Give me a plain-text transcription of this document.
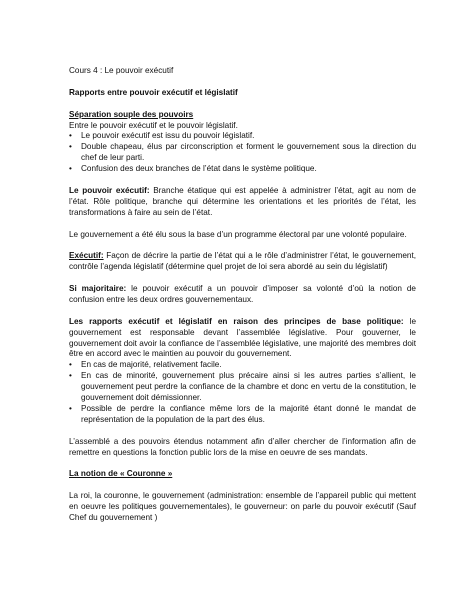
Cours 4 : Le pouvoir exécutif

Rapports entre pouvoir exécutif et législatif

Séparation souple des pouvoirs

Entre le pouvoir exécutif et le pouvoir législatif.

• Le pouvoir exécutif est issu du pouvoir législatif.
• Double chapeau, élus par circonscription et forment le gouvernement sous la direction du chef de leur parti.
• Confusion des deux branches de l’état dans le système politique.

Le pouvoir exécutif: Branche étatique qui est appelée à administrer l’état, agit au nom de l’état. Rôle politique, branche qui détermine les orientations et les priorités de l’état, les transformations à faire au sein de l’état.

Le gouvernement a été élu sous la base d’un programme électoral par une volonté populaire.

Exécutif: Façon de décrire la partie de l’état qui a le rôle d’administrer l’état, le gouvernement, contrôle l’agenda législatif (détermine quel projet de loi sera abordé au sein du législatif)

Si majoritaire: le pouvoir exécutif a un pouvoir d’imposer sa volonté d’où la notion de confusion entre les deux ordres gouvernementaux.

Les rapports exécutif et législatif en raison des principes de base politique: le gouvernement est responsable devant l’assemblée législative. Pour gouverner, le gouvernement doit avoir la confiance de l’assemblée législative, une majorité des membres doit être en accord avec le maintien au pouvoir du gouvernement.

• En cas de majorité, relativement facile.
• En cas de minorité, gouvernement plus précaire ainsi si les autres parties s’allient, le gouvernement peut perdre la confiance de la chambre et donc en vertu de la constitution, le gouvernement doit démissionner.
• Possible de perdre la confiance même lors de la majorité étant donné le mandat de représentation de la population de la part des élus.

L’assemblé a des pouvoirs étendus notamment afin d’aller chercher de l’information afin de remettre en questions la fonction public lors de la mise en oeuvre de ses mandats.

La notion de « Couronne »

La roi, la couronne, le gouvernement (administration: ensemble de l’appareil public qui mettent en oeuvre les politiques gouvernementales), le gouverneur: on parle du pouvoir exécutif (Sauf Chef du gouvernement )
